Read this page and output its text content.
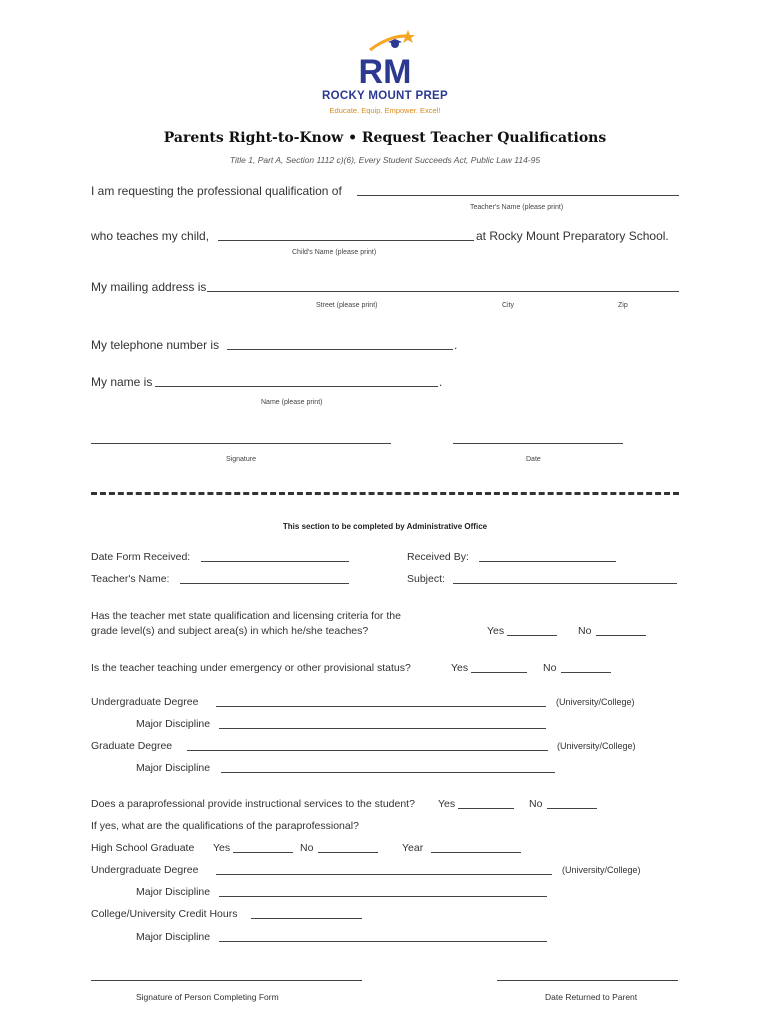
RM
ROCKY MOUNT PREP
Educate. Equip. Empower. Excel!
Parents Right-to-Know • Request Teacher Qualifications
Title 1, Part A, Section 1112 c)(6), Every Student Succeeds Act, Public Law 114-95
I am requesting the professional qualification of
Teacher's Name (please print)
who teaches my child,	at Rocky Mount Preparatory School.
Child's Name (please print)
My mailing address is
Street (please print)	City	Zip
My telephone number is	.
My name is	.
Name (please print)
Signature	Date
This section to be completed by Administrative Office
Date Form Received:	Received By:
Teacher's Name:	Subject:
Has the teacher met state qualification and licensing criteria for the
grade level(s) and subject area(s) in which he/she teaches?	Yes	No
Is the teacher teaching under emergency or other provisional status?	Yes	No
Undergraduate Degree	(University/College)
Major Discipline
Graduate Degree	(University/College)
Major Discipline
Does a paraprofessional provide instructional services to the student? Yes	No
If yes, what are the qualifications of the paraprofessional?
High School Graduate Yes	No	Year
Undergraduate Degree	(University/College)
Major Discipline
College/University Credit Hours
Major Discipline
Signature of Person Completing Form	Date Returned to Parent
